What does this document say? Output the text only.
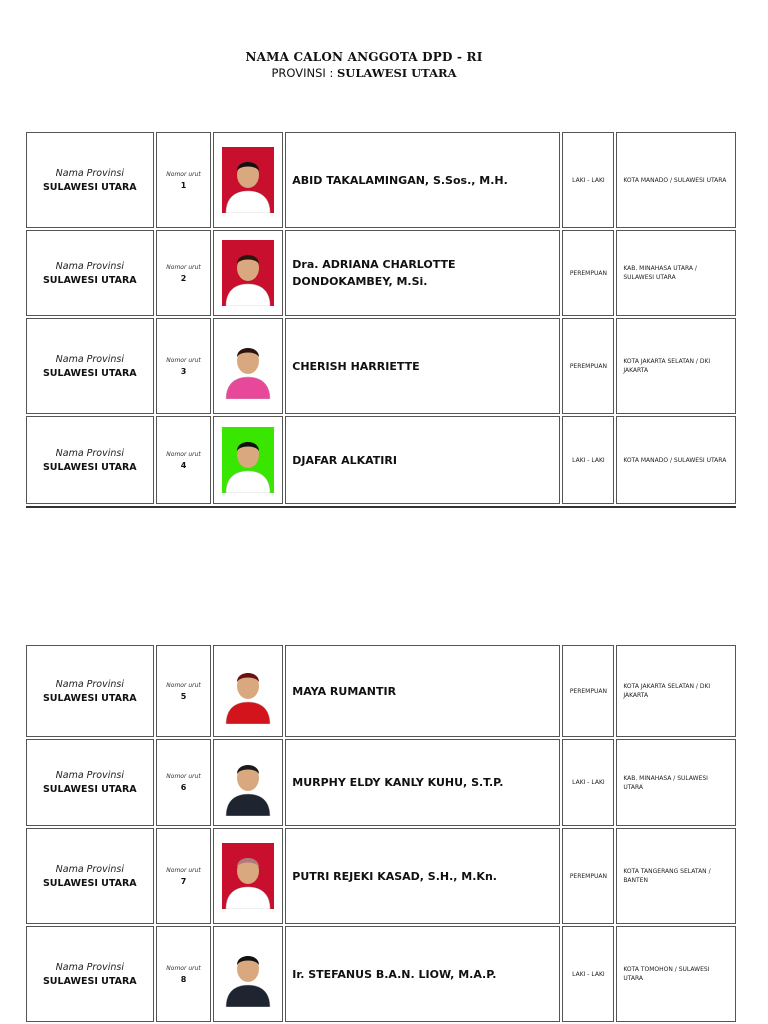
NAMA CALON ANGGOTA DPD - RI
PROVINSI : SULAWESI UTARA
Nama Provinsi
SULAWESI UTARA
Nomor urut
1	ABID TAKALAMINGAN, S.Sos., M.H.	LAKI - LAKI	KOTA MANADO / SULAWESI UTARA
Nama Provinsi
SULAWESI UTARA
Nomor urut
2
Dra. ADRIANA CHARLOTTE DONDOKAMBEY, M.Si.
PEREMPUAN
KAB. MINAHASA UTARA / SULAWESI UTARA
Nama Provinsi
SULAWESI UTARA
Nomor urut
3	CHERISH HARRIETTE	PEREMPUAN
KOTA JAKARTA SELATAN / DKI JAKARTA
Nama Provinsi
SULAWESI UTARA
Nomor urut
4	DJAFAR ALKATIRI	LAKI - LAKI	KOTA MANADO / SULAWESI UTARA
Nama Provinsi
SULAWESI UTARA
Nomor urut
5	MAYA RUMANTIR	PEREMPUAN
KOTA JAKARTA SELATAN / DKI JAKARTA
Nama Provinsi
SULAWESI UTARA
Nomor urut
6	MURPHY ELDY KANLY KUHU, S.T.P.	LAKI - LAKI
KAB. MINAHASA / SULAWESI UTARA
Nama Provinsi
SULAWESI UTARA
Nomor urut
7	PUTRI REJEKI KASAD, S.H., M.Kn.	PEREMPUAN
KOTA TANGERANG SELATAN / BANTEN
Nama Provinsi
SULAWESI UTARA
Nomor urut
8	Ir. STEFANUS B.A.N. LIOW, M.A.P.	LAKI - LAKI
KOTA TOMOHON / SULAWESI UTARA
